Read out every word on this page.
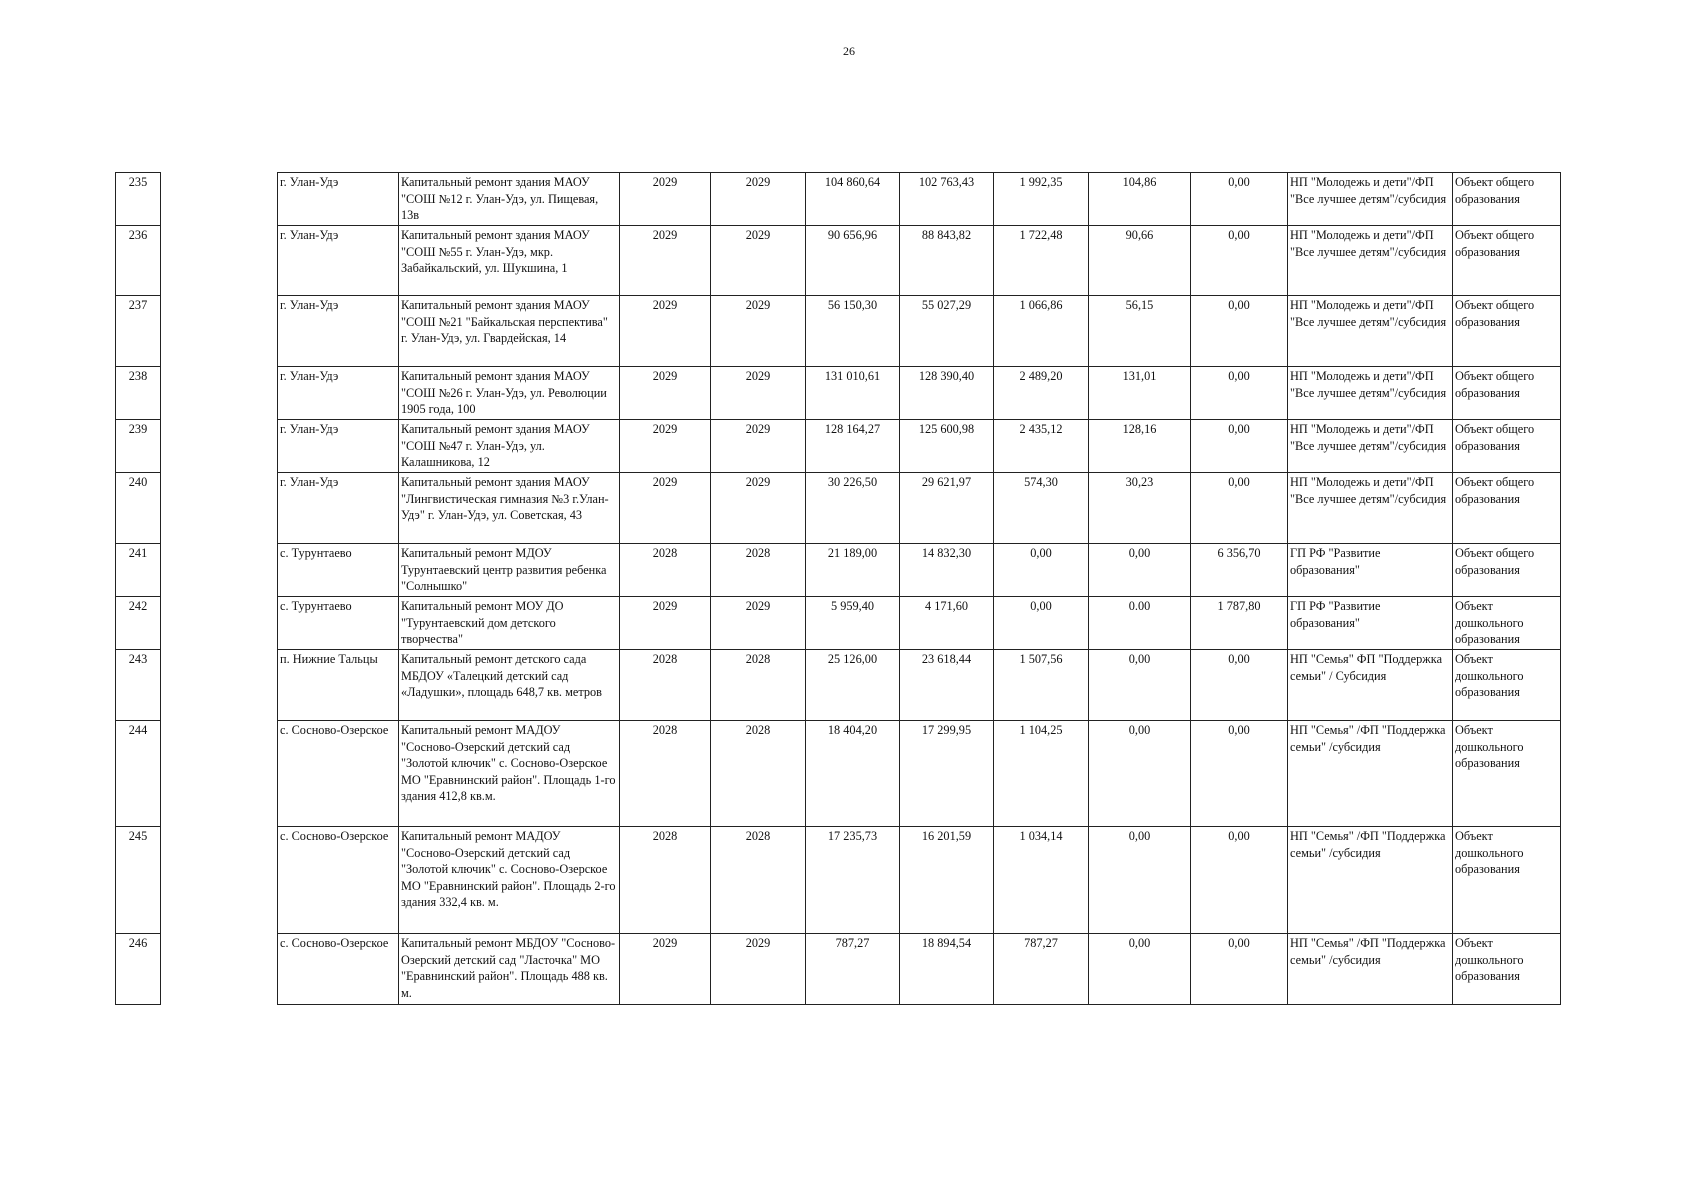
26
235		г. Улан-Удэ	Капитальный ремонт здания МАОУ "СОШ №12 г. Улан-Удэ, ул. Пищевая, 13в	2029	2029	104 860,64	102 763,43	1 992,35	104,86	0,00	НП "Молодежь и дети"/ФП "Все лучшее детям"/субсидия	Объект общего образования
236		г. Улан-Удэ	Капитальный ремонт здания МАОУ "СОШ №55 г. Улан-Удэ, мкр. Забайкальский, ул. Шукшина, 1	2029	2029	90 656,96	88 843,82	1 722,48	90,66	0,00	НП "Молодежь и дети"/ФП "Все лучшее детям"/субсидия	Объект общего образования
237		г. Улан-Удэ	Капитальный ремонт здания МАОУ "СОШ №21 "Байкальская перспектива" г. Улан-Удэ, ул. Гвардейская, 14	2029	2029	56 150,30	55 027,29	1 066,86	56,15	0,00	НП "Молодежь и дети"/ФП "Все лучшее детям"/субсидия	Объект общего образования
238		г. Улан-Удэ	Капитальный ремонт здания МАОУ "СОШ №26 г. Улан-Удэ, ул. Революции 1905 года, 100	2029	2029	131 010,61	128 390,40	2 489,20	131,01	0,00	НП "Молодежь и дети"/ФП "Все лучшее детям"/субсидия	Объект общего образования
239		г. Улан-Удэ	Капитальный ремонт здания МАОУ "СОШ №47 г. Улан-Удэ, ул. Калашникова, 12	2029	2029	128 164,27	125 600,98	2 435,12	128,16	0,00	НП "Молодежь и дети"/ФП "Все лучшее детям"/субсидия	Объект общего образования
240		г. Улан-Удэ	Капитальный ремонт здания МАОУ "Лингвистическая гимназия №3 г.Улан-Удэ" г. Улан-Удэ, ул. Советская, 43	2029	2029	30 226,50	29 621,97	574,30	30,23	0,00	НП "Молодежь и дети"/ФП "Все лучшее детям"/субсидия	Объект общего образования
241		с. Турунтаево	Капитальный ремонт МДОУ Турунтаевский центр развития ребенка "Солнышко"	2028	2028	21 189,00	14 832,30	0,00	0,00	6 356,70	ГП РФ "Развитие образования"	Объект общего образования
242		с. Турунтаево	Капитальный ремонт МОУ ДО "Турунтаевский дом детского творчества"	2029	2029	5 959,40	4 171,60	0,00	0.00	1 787,80	ГП РФ "Развитие образования"	Объект дошкольного образования
243		п. Нижние Тальцы	Капитальный ремонт детского сада МБДОУ «Талецкий детский сад «Ладушки», площадь 648,7 кв. метров	2028	2028	25 126,00	23 618,44	1 507,56	0,00	0,00	НП "Семья" ФП "Поддержка семьи" / Субсидия	Объект дошкольного образования
244		с. Сосново-Озерское	Капитальный ремонт МАДОУ "Сосново-Озерский детский сад "Золотой ключик" с. Сосново-Озерское МО "Еравнинский район". Площадь 1-го здания 412,8 кв.м.	2028	2028	18 404,20	17 299,95	1 104,25	0,00	0,00	НП "Семья" /ФП "Поддержка семьи" /субсидия	Объект дошкольного образования
245		с. Сосново-Озерское	Капитальный ремонт МАДОУ "Сосново-Озерский детский сад "Золотой ключик" с. Сосново-Озерское МО "Еравнинский район". Площадь 2-го здания 332,4 кв. м.	2028	2028	17 235,73	16 201,59	1 034,14	0,00	0,00	НП "Семья" /ФП "Поддержка семьи" /субсидия	Объект дошкольного образования
246		с. Сосново-Озерское	Капитальный ремонт МБДОУ "Сосново-Озерский детский сад "Ласточка" МО "Еравнинский район". Площадь 488 кв. м.	2029	2029	787,27	18 894,54	787,27	0,00	0,00	НП "Семья" /ФП "Поддержка семьи" /субсидия	Объект дошкольного образования
